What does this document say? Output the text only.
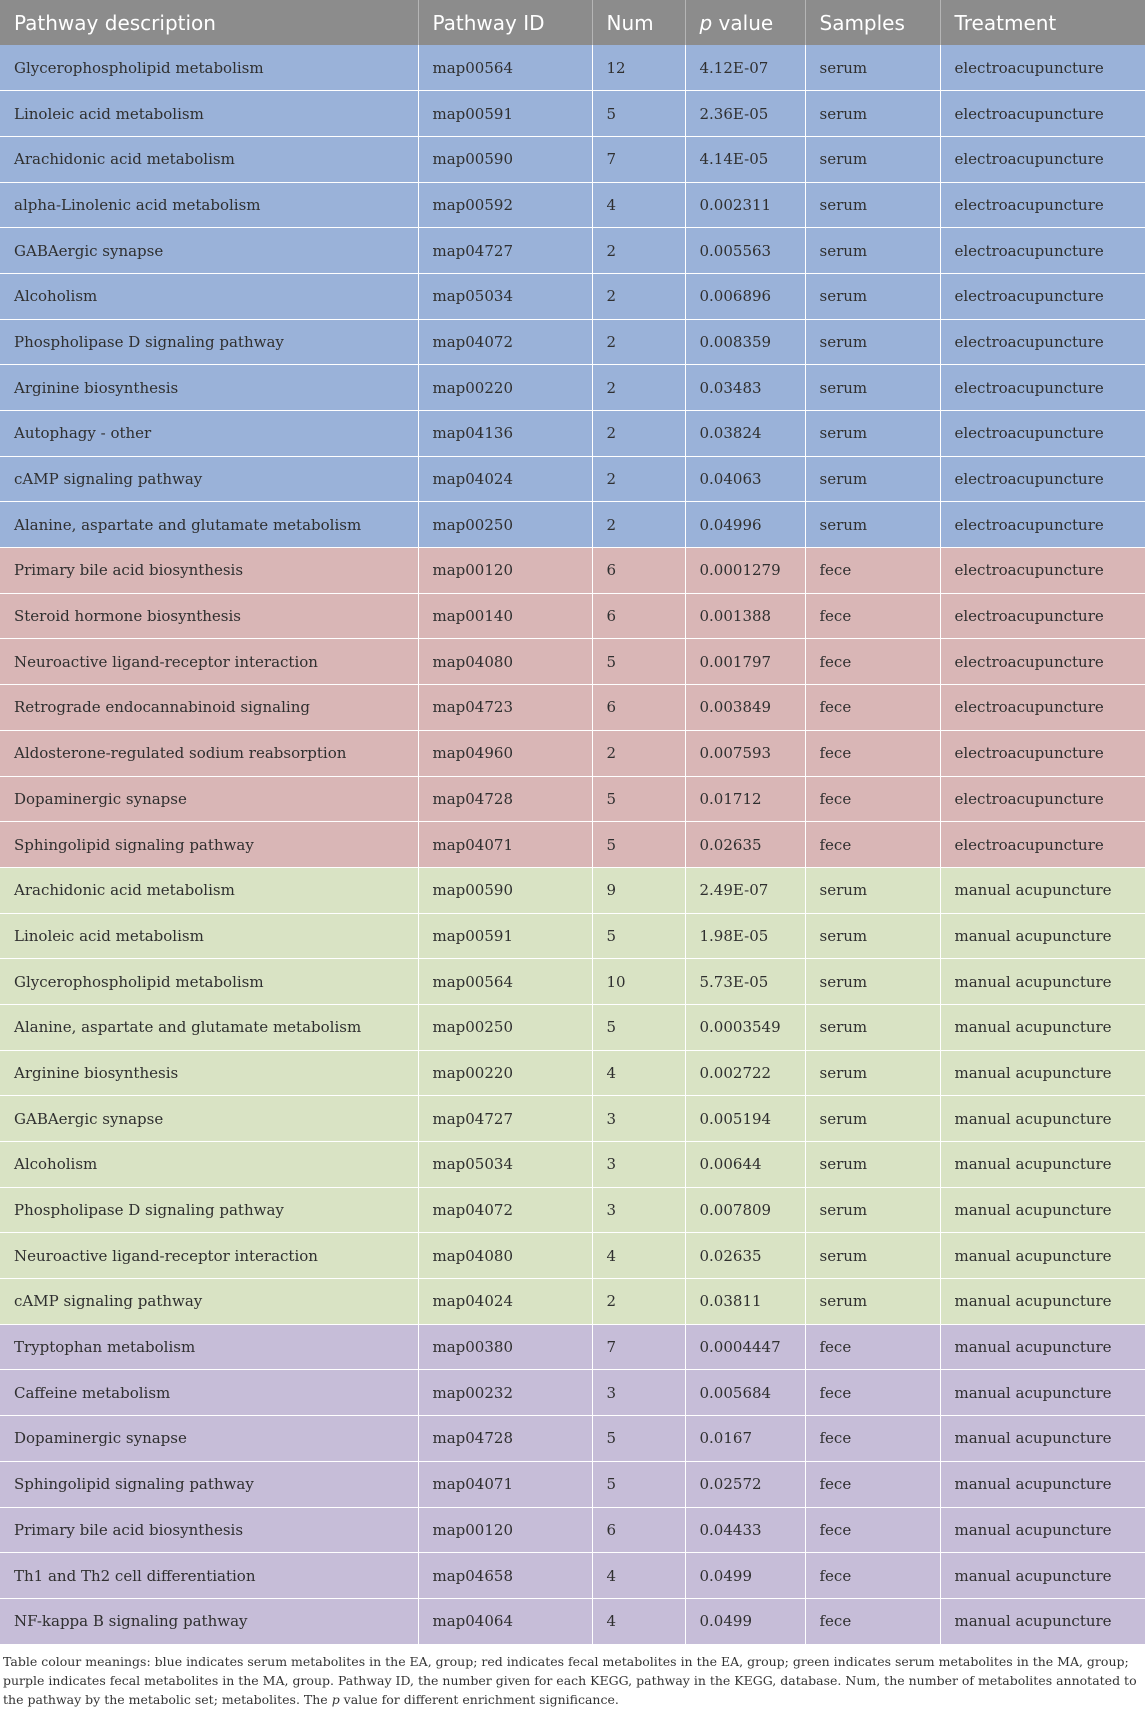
Pathway description	Pathway ID	Num	p value	Samples	Treatment
Glycerophospholipid metabolism	map00564	12	4.12E-07	serum	electroacupuncture
Linoleic acid metabolism	map00591	5	2.36E-05	serum	electroacupuncture
Arachidonic acid metabolism	map00590	7	4.14E-05	serum	electroacupuncture
alpha-Linolenic acid metabolism	map00592	4	0.002311	serum	electroacupuncture
GABAergic synapse	map04727	2	0.005563	serum	electroacupuncture
Alcoholism	map05034	2	0.006896	serum	electroacupuncture
Phospholipase D signaling pathway	map04072	2	0.008359	serum	electroacupuncture
Arginine biosynthesis	map00220	2	0.03483	serum	electroacupuncture
Autophagy - other	map04136	2	0.03824	serum	electroacupuncture
cAMP signaling pathway	map04024	2	0.04063	serum	electroacupuncture
Alanine, aspartate and glutamate metabolism	map00250	2	0.04996	serum	electroacupuncture
Primary bile acid biosynthesis	map00120	6	0.0001279	fece	electroacupuncture
Steroid hormone biosynthesis	map00140	6	0.001388	fece	electroacupuncture
Neuroactive ligand-receptor interaction	map04080	5	0.001797	fece	electroacupuncture
Retrograde endocannabinoid signaling	map04723	6	0.003849	fece	electroacupuncture
Aldosterone-regulated sodium reabsorption	map04960	2	0.007593	fece	electroacupuncture
Dopaminergic synapse	map04728	5	0.01712	fece	electroacupuncture
Sphingolipid signaling pathway	map04071	5	0.02635	fece	electroacupuncture
Arachidonic acid metabolism	map00590	9	2.49E-07	serum	manual acupuncture
Linoleic acid metabolism	map00591	5	1.98E-05	serum	manual acupuncture
Glycerophospholipid metabolism	map00564	10	5.73E-05	serum	manual acupuncture
Alanine, aspartate and glutamate metabolism	map00250	5	0.0003549	serum	manual acupuncture
Arginine biosynthesis	map00220	4	0.002722	serum	manual acupuncture
GABAergic synapse	map04727	3	0.005194	serum	manual acupuncture
Alcoholism	map05034	3	0.00644	serum	manual acupuncture
Phospholipase D signaling pathway	map04072	3	0.007809	serum	manual acupuncture
Neuroactive ligand-receptor interaction	map04080	4	0.02635	serum	manual acupuncture
cAMP signaling pathway	map04024	2	0.03811	serum	manual acupuncture
Tryptophan metabolism	map00380	7	0.0004447	fece	manual acupuncture
Caffeine metabolism	map00232	3	0.005684	fece	manual acupuncture
Dopaminergic synapse	map04728	5	0.0167	fece	manual acupuncture
Sphingolipid signaling pathway	map04071	5	0.02572	fece	manual acupuncture
Primary bile acid biosynthesis	map00120	6	0.04433	fece	manual acupuncture
Th1 and Th2 cell differentiation	map04658	4	0.0499	fece	manual acupuncture
NF-kappa B signaling pathway	map04064	4	0.0499	fece	manual acupuncture
Table colour meanings: blue indicates serum metabolites in the EA, group; red indicates fecal metabolites in the EA, group; green indicates serum metabolites in the MA, group; purple indicates fecal metabolites in the MA, group. Pathway ID, the number given for each KEGG, pathway in the KEGG, database. Num, the number of metabolites annotated to the pathway by the metabolic set; metabolites. The p value for different enrichment significance.
